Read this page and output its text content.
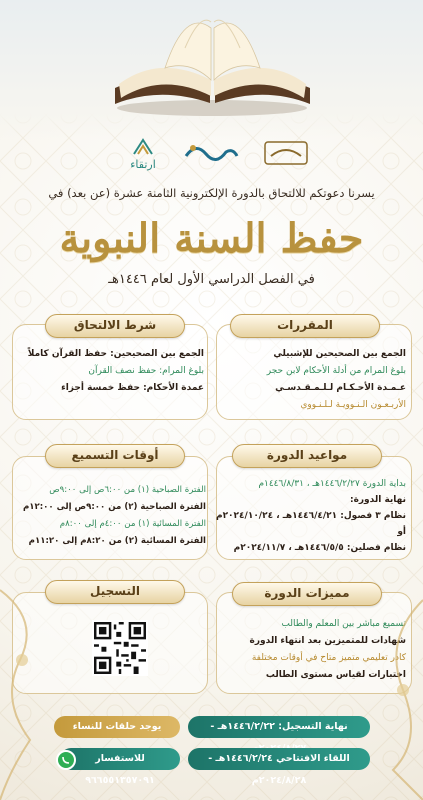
ارتقاء
يسرنا دعوتكم للالتحاق بالدورة الإلكترونية الثامنة عشرة (عن بعد) في
حفظ السنة النبوية
في الفصل الدراسي الأول لعام ١٤٤٦هـ
المقررات
الجمع بين الصحيحين للإشبيلي
بلوغ المرام من أدلة الأحكام لابن حجر
عـمـدة الأحـكـام لـلـمـقـدسـي
الأربـعـون الـنـوويـة لـلـنـووي
شرط الالتحاق
الجمع بين الصحيحين: حفظ القرآن كاملاً
بلوغ المرام: حفظ نصف القرآن
عمدة الأحكام: حفظ خمسة أجزاء
مواعيد الدورة
بداية الدورة ١٤٤٦/٢/٢٧هـ ، ١٤٤٦/٨/٣١م
نهاية الدورة:
نظام ٣ فصول: ١٤٤٦/٤/٢١هـ ، ٢٠٢٤/١٠/٢٤م
أو
نظام فصلين: ١٤٤٦/٥/٥هـ ، ٢٠٢٤/١١/٧م
أوقات التسميع
الفترة الصباحية (١) من ٦:٠٠ص إلى ٩:٠٠ص
الفترة الصباحية (٢) من ٩:٠٠ص إلى ١٢:٠٠م
الفترة المسائية (١) من ٤:٠٠م إلى ٨:٠٠م
الفترة المسائية (٢) من ٨:٢٠م إلى ١١:٢٠م
مميزات الدورة
تسميع مباشر بين المعلم والطالب
شهادات للمتميزين بعد انتهاء الدورة
كادر تعليمي متميز متاح في أوقات مختلفة
اختبارات لقياس مستوى الطالب
التسجيل
نهاية التسجيل: ١٤٤٦/٢/٢٢هـ -
اللقاء الافتتاحي ١٤٤٦/٢/٢٤هـ - ٢٠٢٤/٨/٢٨م
يوجد حلقات للنساء
للاستفسار ٩٦٦٥٥١٣٥٧٠٩١
